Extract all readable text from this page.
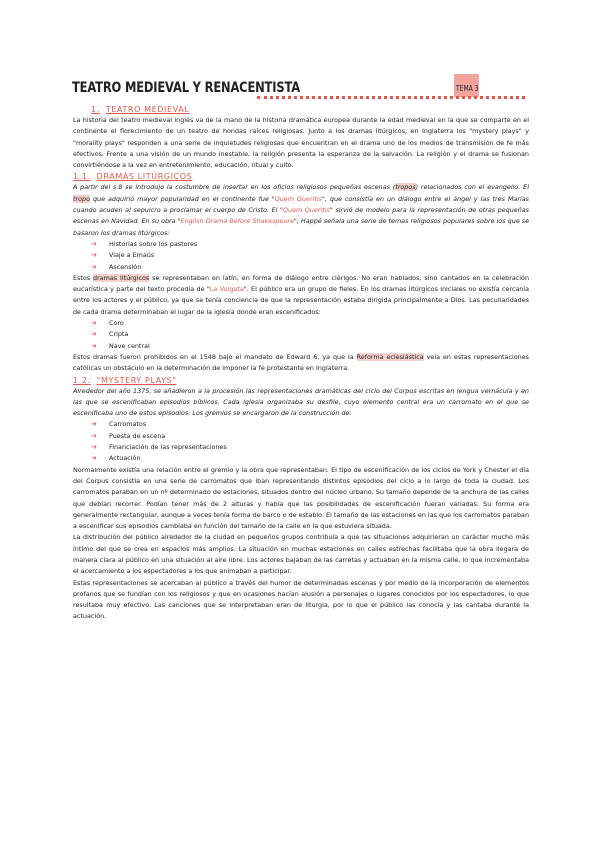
TEMA 3
TEATRO MEDIEVAL Y RENACENTISTA
1. TEATRO MEDIEVAL

La historia del teatro medieval inglés va de la mano de la historia dramática europea durante la edad medieval en la que se comparte en el continente el florecimiento de un teatro de hondas raíces religiosas. Junto a los dramas litúrgicos, en Inglaterra los "mystery plays" y "morality plays" responden a una serie de inquietudes religiosas que encuentran en el drama uno de los medios de transmisión de fe más efectivos. Frente a una visión de un mundo inestable, la religión presenta la esperanza de la salvación. La religión y el drama se fusionan convirtiéndose a la vez en entretenimiento, educación, ritual y culto.

1.1. DRAMAS LITÚRGICOS

A partir del s.8 se introdujo la costumbre de insertar en los oficios religiosos pequeñas escenas (tropos) relacionados con el evangelio. El tropo que adquirió mayor popularidad en el continente fue "Quem Queritis", que consistía en un diálogo entre el ángel y las tres Marías cuando acuden al sepulcro a proclamar el cuerpo de Cristo. El "Quem Queritis" sirvió de modelo para la representación de otras pequeñas escenas en Navidad. En su obra "English Drama Before Shakespeare", Happé señala una serie de temas religiosos populares sobre los que se basaron los dramas litúrgicos:

➔ Historias sobre los pastores
➔ Viaje a Emaús
➔ Ascensión

Estos dramas litúrgicos se representaban en latín, en forma de diálogo entre clérigos. No eran hablados, sino cantados en la celebración eucarística y parte del texto procedía de "La Vulgata". El público era un grupo de fieles. En los dramas litúrgicos iniciales no existía cercanía entre los actores y el público, ya que se tenía conciencia de que la representación estaba dirigida principalmente a Dios. Las peculiaridades de cada drama determinaban el lugar de la iglesia donde eran escenificados:

➔ Coro
➔ Cripta
➔ Nave central

Estos dramas fueron prohibidos en el 1548 bajo el mandato de Edward 6, ya que la Reforma eclesiástica veía en estas representaciones católicas un obstáculo en la determinación de imponer la fe protestante en Inglaterra.

1.2. "MYSTERY PLAYS"

Alrededor del año 1375, se añadieron a la procesión las representaciones dramáticas del ciclo del Corpus escritas en lengua vernácula y en las que se escenificaban episodios bíblicos. Cada iglesia organizaba su desfile, cuyo elemento central era un carromato en el que se escenificaba uno de estos episodios. Los gremios se encargaron de la construcción de:

➔ Carromatos
➔ Puesta de escena
➔ Financiación de las representaciones
➔ Actuación

Normalmente existía una relación entre el gremio y la obra que representaban. El tipo de escenificación de los ciclos de York y Chester el día del Corpus consistía en una serie de carromatos que iban representando distintos episodios del ciclo a lo largo de toda la ciudad. Los carromatos paraban en un nº determinado de estaciones, situados dentro del núcleo urbano. Su tamaño depende de la anchura de las calles que debían recorrer. Podían tener más de 2 alturas y había que las posibilidades de escenificación fueran variadas. Su forma era generalmente rectangular, aunque a veces tenía forma de barco o de establo. El tamaño de las estaciones en las que los carromatos paraban a escenificar sus episodios cambiaba en función del tamaño de la calle en la que estuviera situada.

La distribución del público alrededor de la ciudad en pequeños grupos contribuía a que las situaciones adquirieran un carácter mucho más íntimo del que se crea en espacios más amplios. La situación en muchas estaciones en calles estrechas facilitaba que la obra llegara de manera clara al público en una situación al aire libre. Los actores bajaban de las carretas y actuaban en la misma calle, lo que incrementaba el acercamiento a los espectadores a los que animaban a participar.

Estas representaciones se acercaban al público a través del humor de determinadas escenas y por medio de la incorporación de elementos profanos que se fundían con los religiosos y que en ocasiones hacían alusión a personajes o lugares conocidos por los espectadores, lo que resultaba muy efectivo. Las canciones que se interpretaban eran de liturgia, por lo que el público las conocía y las cantaba durante la actuación.
